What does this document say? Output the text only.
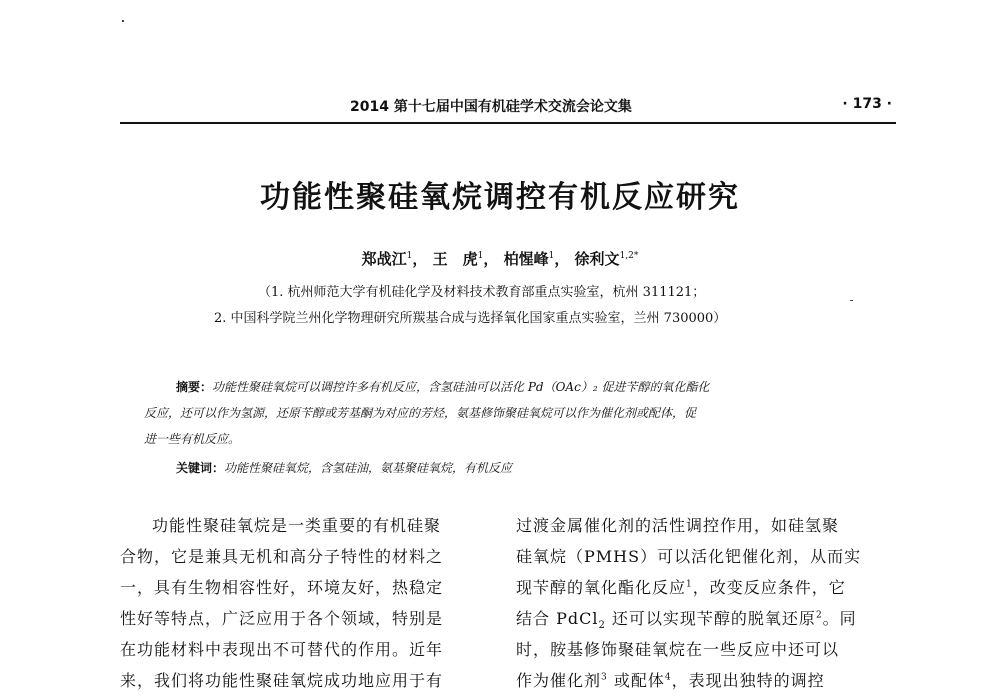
2014 第十七届中国有机硅学术交流会论文集	· 173 ·
功能性聚硅氧烷调控有机反应研究
郑战江$^1$， 王　虎$^1$， 柏惺峰$^1$， 徐利文$^{1,2*}$
（1. 杭州师范大学有机硅化学及材料技术教育部重点实验室，杭州 311121；
2. 中国科学院兰州化学物理研究所羰基合成与选择氧化国家重点实验室，兰州 730000）
摘要：功能性聚硅氧烷可以调控许多有机反应，含氢硅油可以活化 Pd（OAc）₂ 促进苄醇的氧化酯化
反应，还可以作为氢源，还原苄醇或芳基酮为对应的芳烃，氨基修饰聚硅氧烷可以作为催化剂或配体，促
进一些有机反应。
关键词：功能性聚硅氧烷，含氢硅油，氨基聚硅氧烷，有机反应
功能性聚硅氧烷是一类重要的有机硅聚
合物，它是兼具无机和高分子特性的材料之
一，具有生物相容性好，环境友好，热稳定
性好等特点，广泛应用于各个领域，特别是
在功能材料中表现出不可替代的作用。近年
来，我们将功能性聚硅氧烷成功地应用于有
过渡金属催化剂的活性调控作用，如硅氢聚
硅氧烷（PMHS）可以活化钯催化剂，从而实
现苄醇的氧化酯化反应$^1$，改变反应条件，它
结合 PdCl$_2$ 还可以实现苄醇的脱氧还原$^2$。同
时，胺基修饰聚硅氧烷在一些反应中还可以
作为催化剂$^3$ 或配体$^4$，表现出独特的调控
